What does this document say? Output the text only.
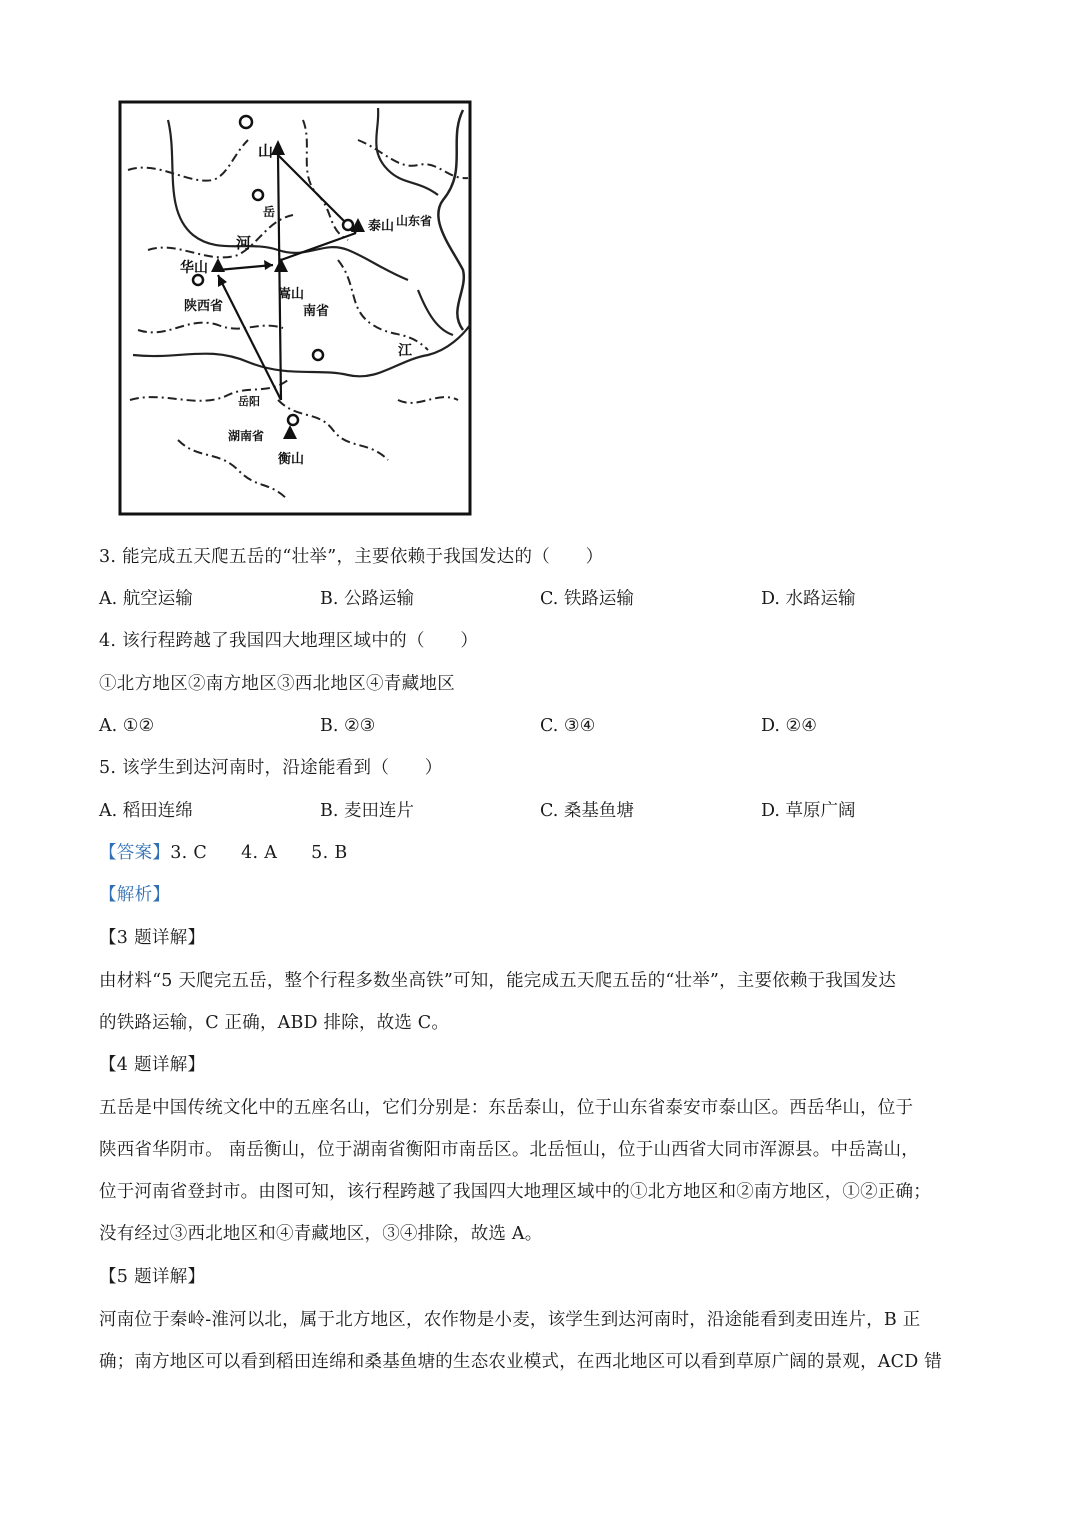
山
岳
华山
陕西省
河
嵩山
南省
泰山 山东省
江
岳阳
湖南省
衡山
3. 能完成五天爬五岳的“壮举”，主要依赖于我国发达的（　　）
A. 航空运输	B. 公路运输	C. 铁路运输	D. 水路运输
4. 该行程跨越了我国四大地理区域中的（　　）
①北方地区②南方地区③西北地区④青藏地区
A. ①②	B. ②③	C. ③④	D. ②④
5. 该学生到达河南时，沿途能看到（　　）
A. 稻田连绵	B. 麦田连片	C. 桑基鱼塘	D. 草原广阔
【答案】3. C 4. A 5. B
【解析】
【3 题详解】
由材料“5 天爬完五岳，整个行程多数坐高铁”可知，能完成五天爬五岳的“壮举”，主要依赖于我国发达
的铁路运输，C 正确，ABD 排除，故选 C。
【4 题详解】
五岳是中国传统文化中的五座名山，它们分别是：东岳泰山，位于山东省泰安市泰山区。西岳华山，位于
陕西省华阴市。 南岳衡山，位于湖南省衡阳市南岳区。北岳恒山，位于山西省大同市浑源县。中岳嵩山，
位于河南省登封市。由图可知，该行程跨越了我国四大地理区域中的①北方地区和②南方地区，①②正确；
没有经过③西北地区和④青藏地区，③④排除，故选 A。
【5 题详解】
河南位于秦岭-淮河以北，属于北方地区，农作物是小麦，该学生到达河南时，沿途能看到麦田连片，B 正
确；南方地区可以看到稻田连绵和桑基鱼塘的生态农业模式，在西北地区可以看到草原广阔的景观，ACD 错
